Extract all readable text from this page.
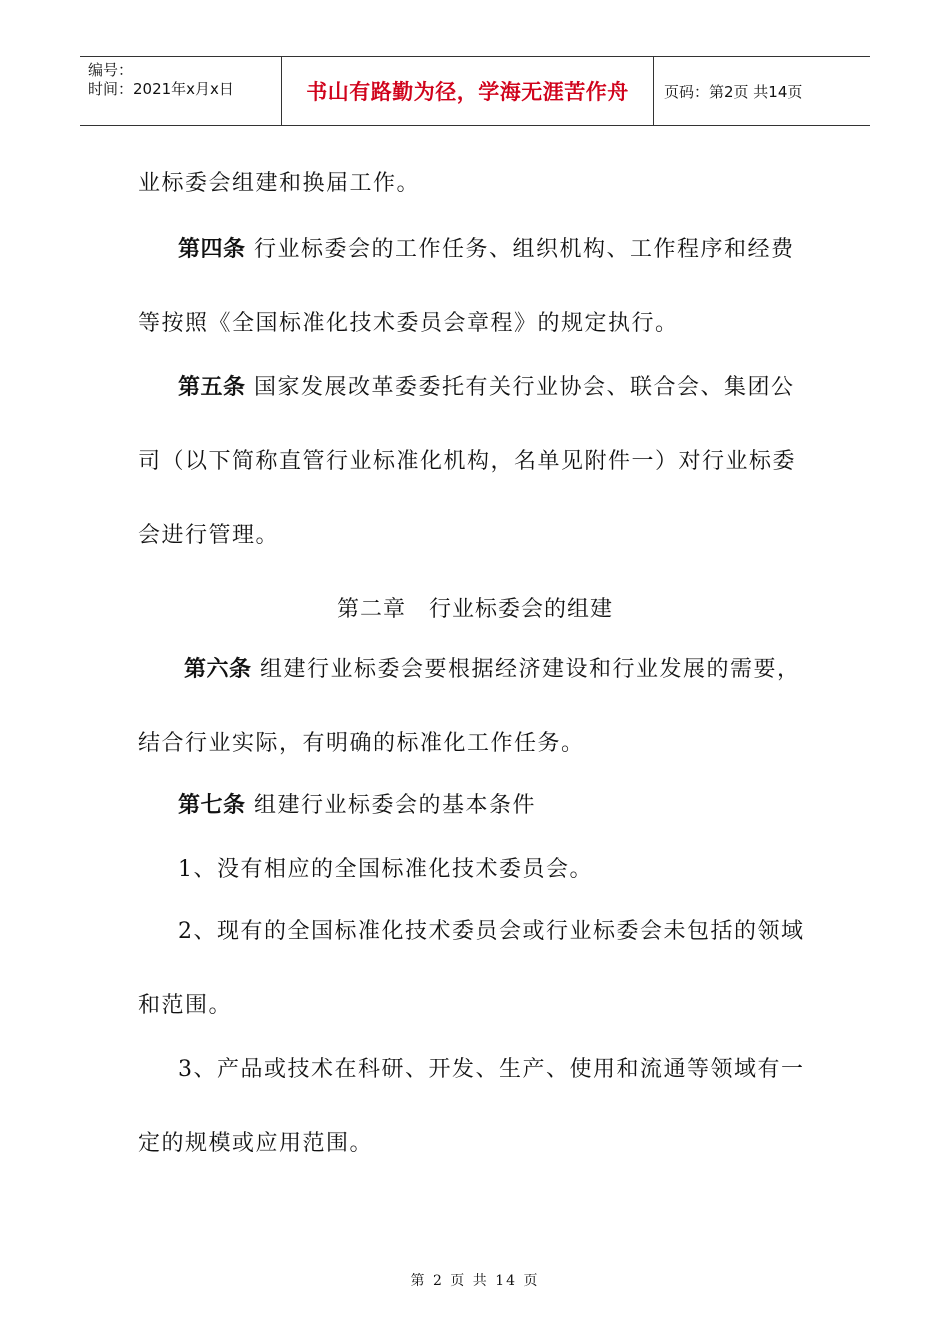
编号：
时间：2021年x月x日	书山有路勤为径，学海无涯苦作舟	页码：第2页 共14页

业标委会组建和换届工作。

第四条 行业标委会的工作任务、组织机构、工作程序和经费

等按照《全国标准化技术委员会章程》的规定执行。

第五条 国家发展改革委委托有关行业协会、联合会、集团公

司（以下简称直管行业标准化机构，名单见附件一）对行业标委

会进行管理。

第二章　行业标委会的组建

第六条 组建行业标委会要根据经济建设和行业发展的需要，

结合行业实际，有明确的标准化工作任务。

第七条 组建行业标委会的基本条件

1、没有相应的全国标准化技术委员会。

2、现有的全国标准化技术委员会或行业标委会未包括的领域

和范围。

3、产品或技术在科研、开发、生产、使用和流通等领域有一

定的规模或应用范围。

第 2 页 共 14 页
